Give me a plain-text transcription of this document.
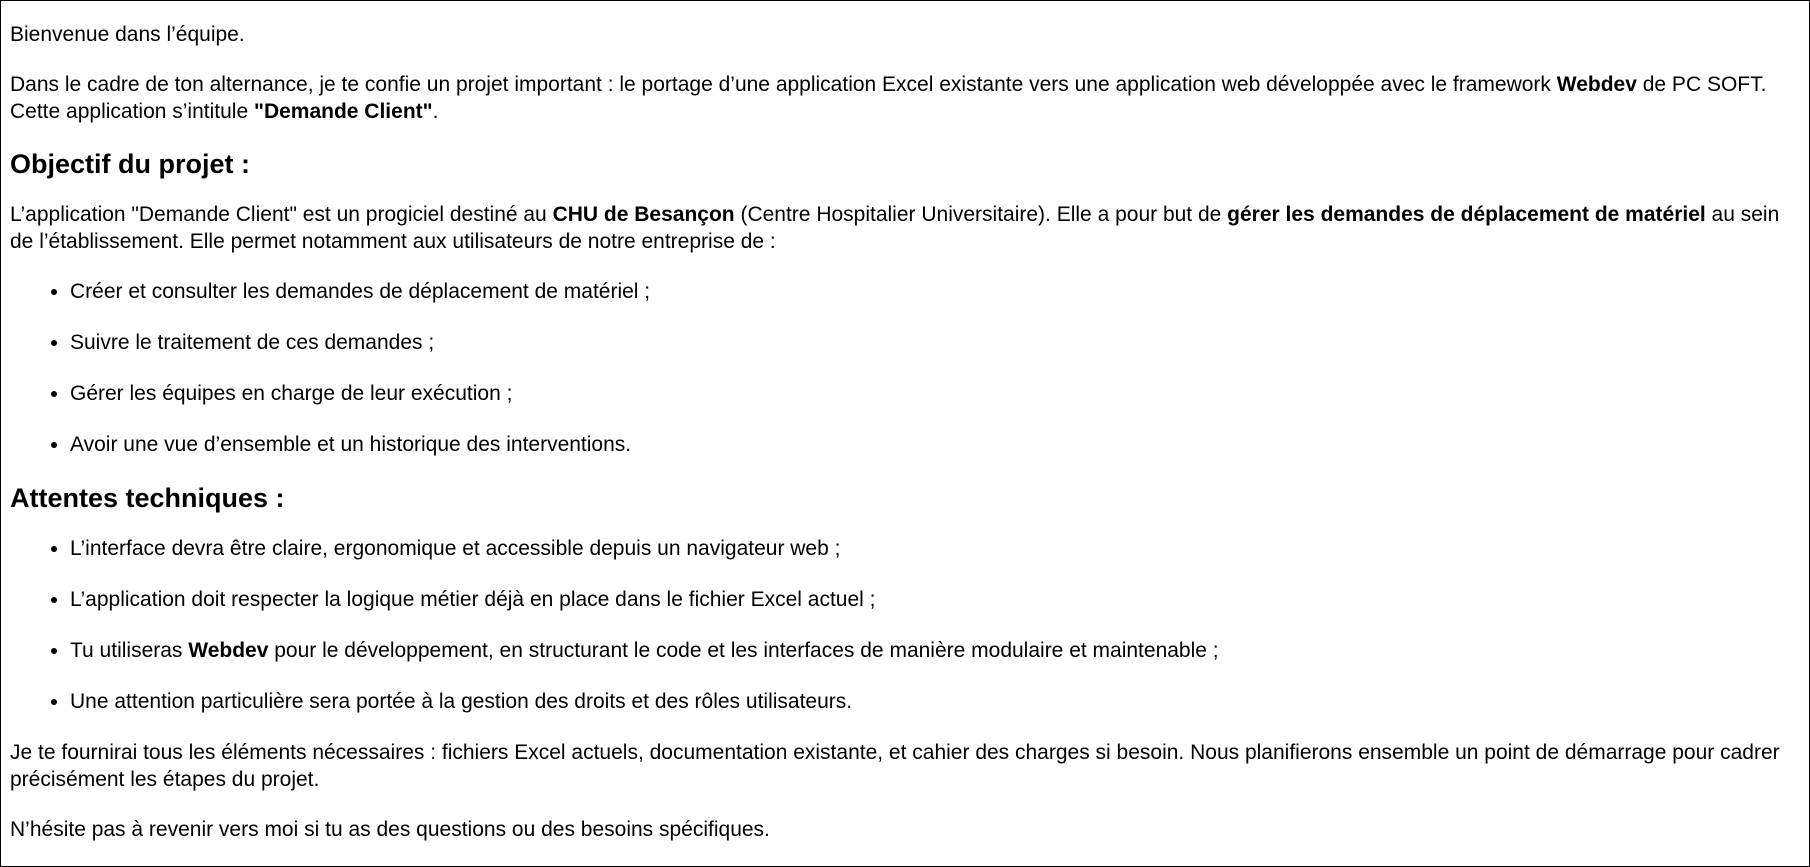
Bienvenue dans l’équipe.

Dans le cadre de ton alternance, je te confie un projet important : le portage d’une application Excel existante vers une application web développée avec le framework Webdev de PC SOFT. Cette application s’intitule "Demande Client".

Objectif du projet :

L’application "Demande Client" est un progiciel destiné au CHU de Besançon (Centre Hospitalier Universitaire). Elle a pour but de gérer les demandes de déplacement de matériel au sein de l’établissement. Elle permet notamment aux utilisateurs de notre entreprise de :

• Créer et consulter les demandes de déplacement de matériel ;
• Suivre le traitement de ces demandes ;
• Gérer les équipes en charge de leur exécution ;
• Avoir une vue d’ensemble et un historique des interventions.
Attentes techniques :
• L’interface devra être claire, ergonomique et accessible depuis un navigateur web ;
• L’application doit respecter la logique métier déjà en place dans le fichier Excel actuel ;
• Tu utiliseras Webdev pour le développement, en structurant le code et les interfaces de manière modulaire et maintenable ;
• Une attention particulière sera portée à la gestion des droits et des rôles utilisateurs.

Je te fournirai tous les éléments nécessaires : fichiers Excel actuels, documentation existante, et cahier des charges si besoin. Nous planifierons ensemble un point de démarrage pour cadrer précisément les étapes du projet.

N’hésite pas à revenir vers moi si tu as des questions ou des besoins spécifiques.
